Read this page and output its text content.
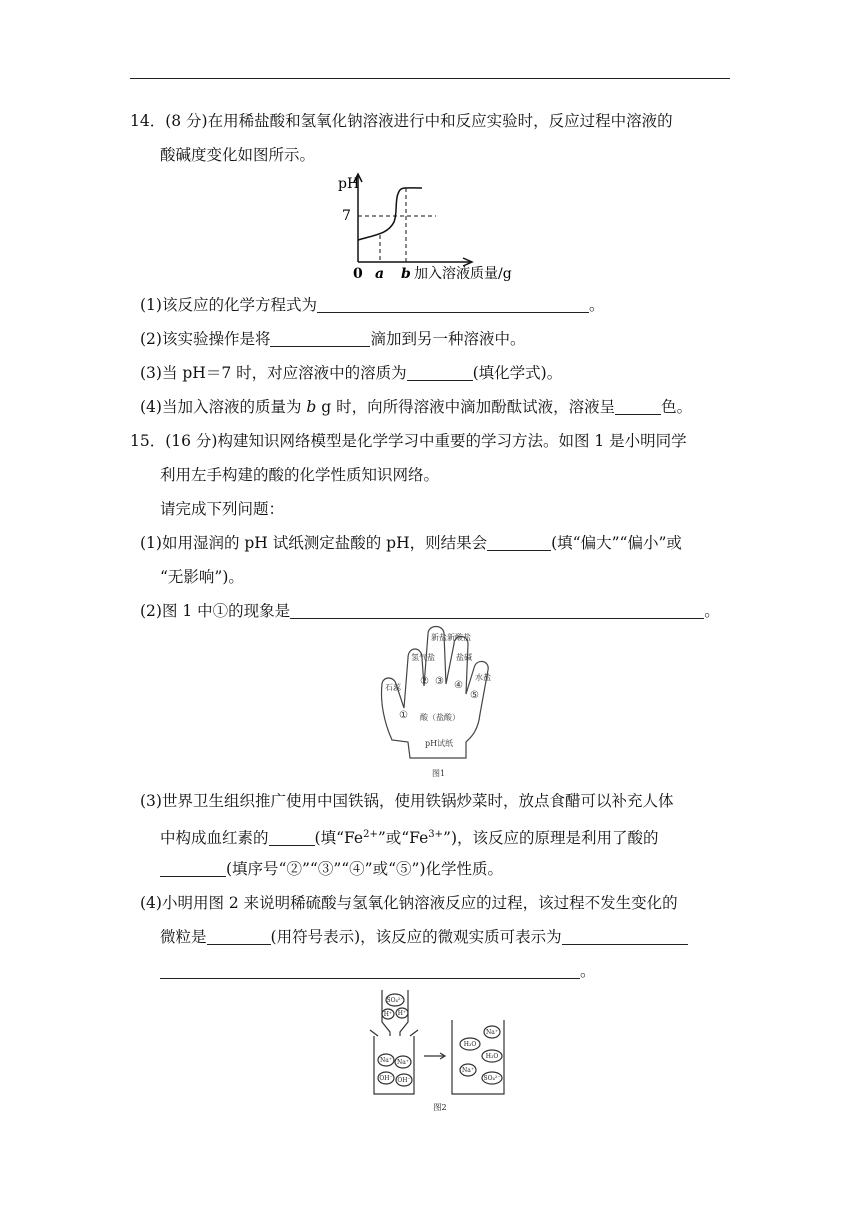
14．(8 分)在用稀盐酸和氢氧化钠溶液进行中和反应实验时，反应过程中溶液的
酸碱度变化如图所示。
pH
7
0 a b 加入溶液质量/g
(1)该反应的化学方程式为	。
(2)该实验操作是将	滴加到另一种溶液中。
(3)当 pH＝7 时，对应溶液中的溶质为	(填化学式)。
(4)当加入溶液的质量为 b g 时，向所得溶液中滴加酚酞试液，溶液呈	色。
15．(16 分)构建知识网络模型是化学学习中重要的学习方法。如图 1 是小明同学
利用左手构建的酸的化学性质知识网络。
请完成下列问题：
(1)如用湿润的 pH 试纸测定盐酸的 pH，则结果会	(填“偏大”“偏小”或
“无影响”)。
(2)图 1 中①的现象是	。
石蕊
氢气盐
新盐新酸盐
盐碱
水盐
①
② ③ ④
⑤
酸（盐酸）
pH试纸
图1
(3)世界卫生组织推广使用中国铁锅，使用铁锅炒菜时，放点食醋可以补充人体
中构成血红素的	(填“$Fe^{2+}$”或“$Fe^{3+}$”)，该反应的原理是利用了酸的
(填序号“②”“③”“④”或“⑤”)化学性质。
(4)小明用图 2 来说明稀硫酸与氢氧化钠溶液反应的过程，该过程不发生变化的
微粒是	(用符号表示)，该反应的微观实质可表示为
。
SO₄²⁻
H⁺ H⁺
Na⁺ Na⁺
OH⁻ OH⁻
H₂O
H₂O
Na⁺
Na⁺
SO₄²⁻
图2
